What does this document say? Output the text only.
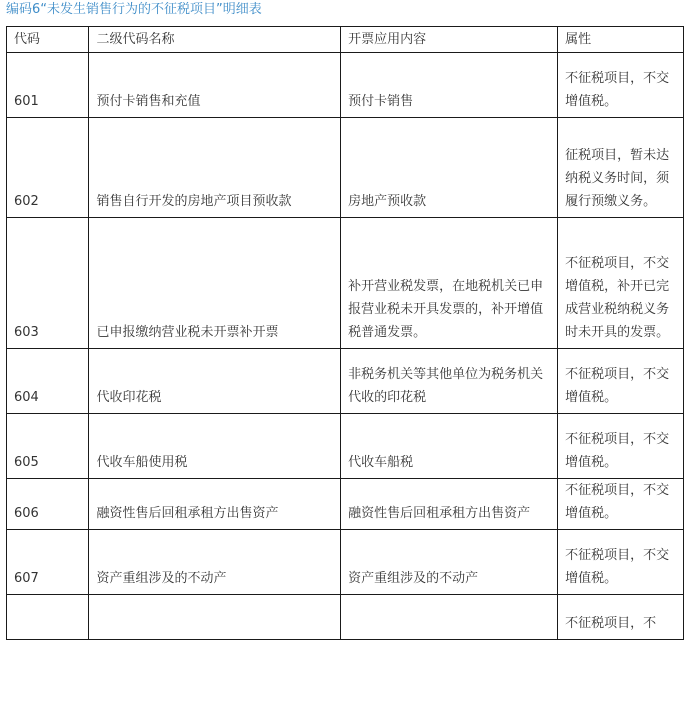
编码6“未发生销售行为的不征税项目”明细表
代码	二级代码名称	开票应用内容	属性
601	预付卡销售和充值	预付卡销售	不征税项目，不交增值税。
602	销售自行开发的房地产项目预收款	房地产预收款	征税项目，暂未达纳税义务时间，须履行预缴义务。
603	已申报缴纳营业税未开票补开票	补开营业税发票，在地税机关已申报营业税未开具发票的，补开增值税普通发票。	不征税项目，不交增值税，补开已完成营业税纳税义务时未开具的发票。
604	代收印花税	非税务机关等其他单位为税务机关代收的印花税	不征税项目，不交增值税。
605	代收车船使用税	代收车船税	不征税项目，不交增值税。
606	融资性售后回租承租方出售资产	融资性售后回租承租方出售资产	不征税项目，不交增值税。
607	资产重组涉及的不动产	资产重组涉及的不动产	不征税项目，不交增值税。
			不征税项目，不
